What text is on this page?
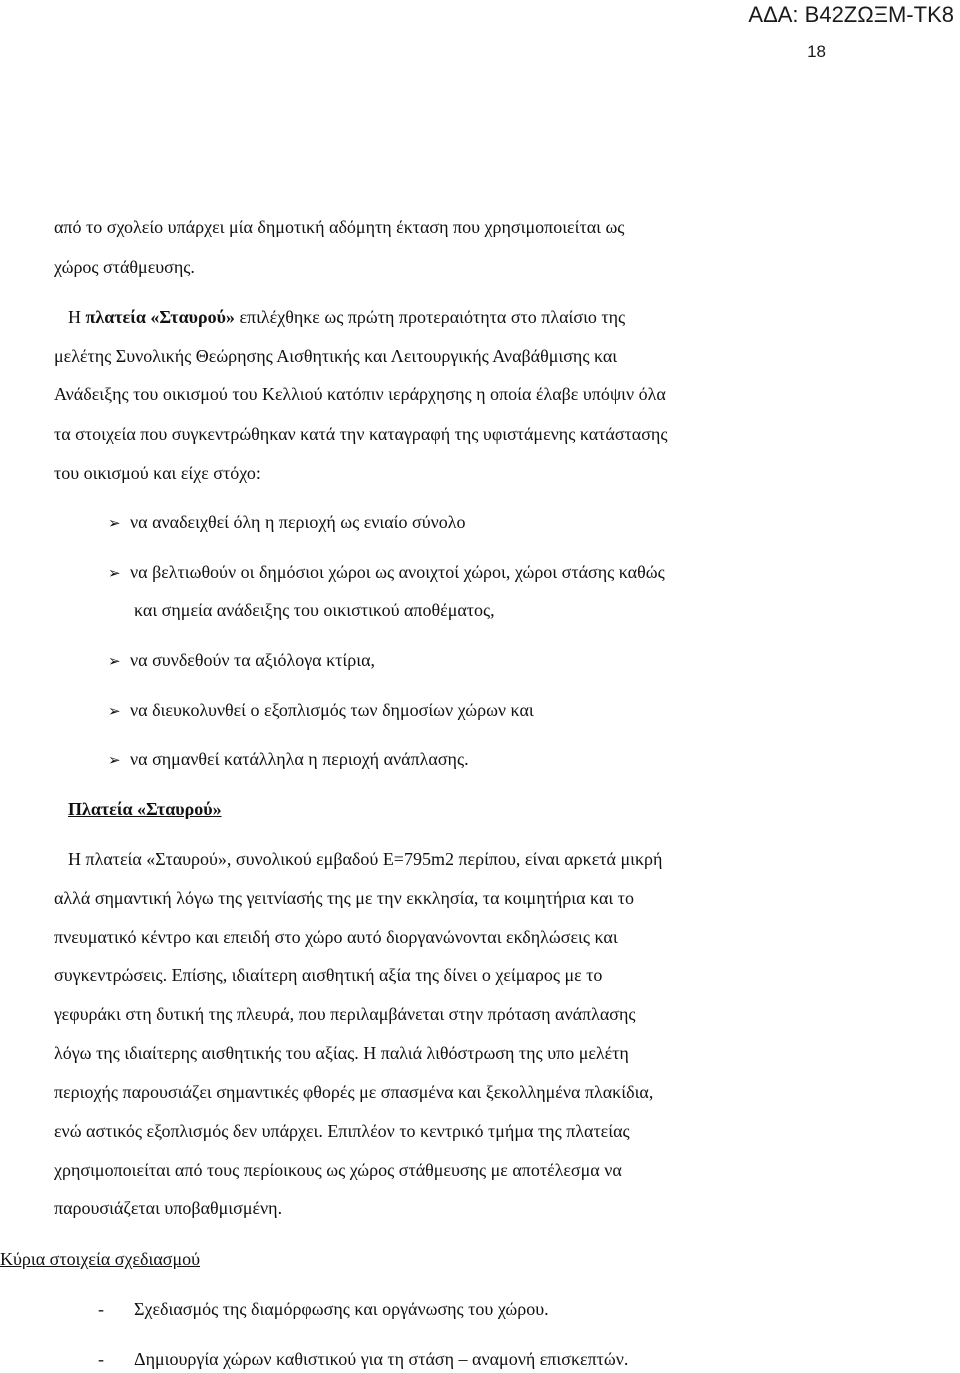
ΑΔΑ: Β42ΖΩΞΜ-ΤΚ8
18
από το σχολείο υπάρχει μία δημοτική αδόμητη έκταση που χρησιμοποιείται ως
χώρος στάθμευσης.
Η πλατεία «Σταυρού» επιλέχθηκε ως πρώτη προτεραιότητα στο πλαίσιο της
μελέτης Συνολικής Θεώρησης Αισθητικής και Λειτουργικής Αναβάθμισης και
Ανάδειξης του οικισμού του Κελλιού κατόπιν ιεράρχησης η οποία έλαβε υπόψιν όλα
τα στοιχεία που συγκεντρώθηκαν κατά την καταγραφή της υφιστάμενης κατάστασης
του οικισμού και είχε στόχο:
➢ να αναδειχθεί όλη η περιοχή ως ενιαίο σύνολο
➢ να βελτιωθούν οι δημόσιοι χώροι ως ανοιχτοί χώροι, χώροι στάσης καθώς
και σημεία ανάδειξης του οικιστικού αποθέματος,
➢ να συνδεθούν τα αξιόλογα κτίρια,
➢ να διευκολυνθεί ο εξοπλισμός των δημοσίων χώρων και
➢ να σημανθεί κατάλληλα η περιοχή ανάπλασης.
Πλατεία «Σταυρού»
Η πλατεία «Σταυρού», συνολικού εμβαδού Ε=795m2 περίπου, είναι αρκετά μικρή
αλλά σημαντική λόγω της γειτνίασής της με την εκκλησία, τα κοιμητήρια και το
πνευματικό κέντρο και επειδή στο χώρο αυτό διοργανώνονται εκδηλώσεις και
συγκεντρώσεις. Επίσης, ιδιαίτερη αισθητική αξία της δίνει ο χείμαρος με το
γεφυράκι στη δυτική της πλευρά, που περιλαμβάνεται στην πρόταση ανάπλασης
λόγω της ιδιαίτερης αισθητικής του αξίας. Η παλιά λιθόστρωση της υπο μελέτη
περιοχής παρουσιάζει σημαντικές φθορές με σπασμένα και ξεκολλημένα πλακίδια,
ενώ αστικός εξοπλισμός δεν υπάρχει. Επιπλέον το κεντρικό τμήμα της πλατείας
χρησιμοποιείται από τους περίοικους ως χώρος στάθμευσης με αποτέλεσμα να
παρουσιάζεται υποβαθμισμένη.
Κύρια στοιχεία σχεδιασμού
- Σχεδιασμός της διαμόρφωσης και οργάνωσης του χώρου.
- Δημιουργία χώρων καθιστικού για τη στάση – αναμονή επισκεπτών.
